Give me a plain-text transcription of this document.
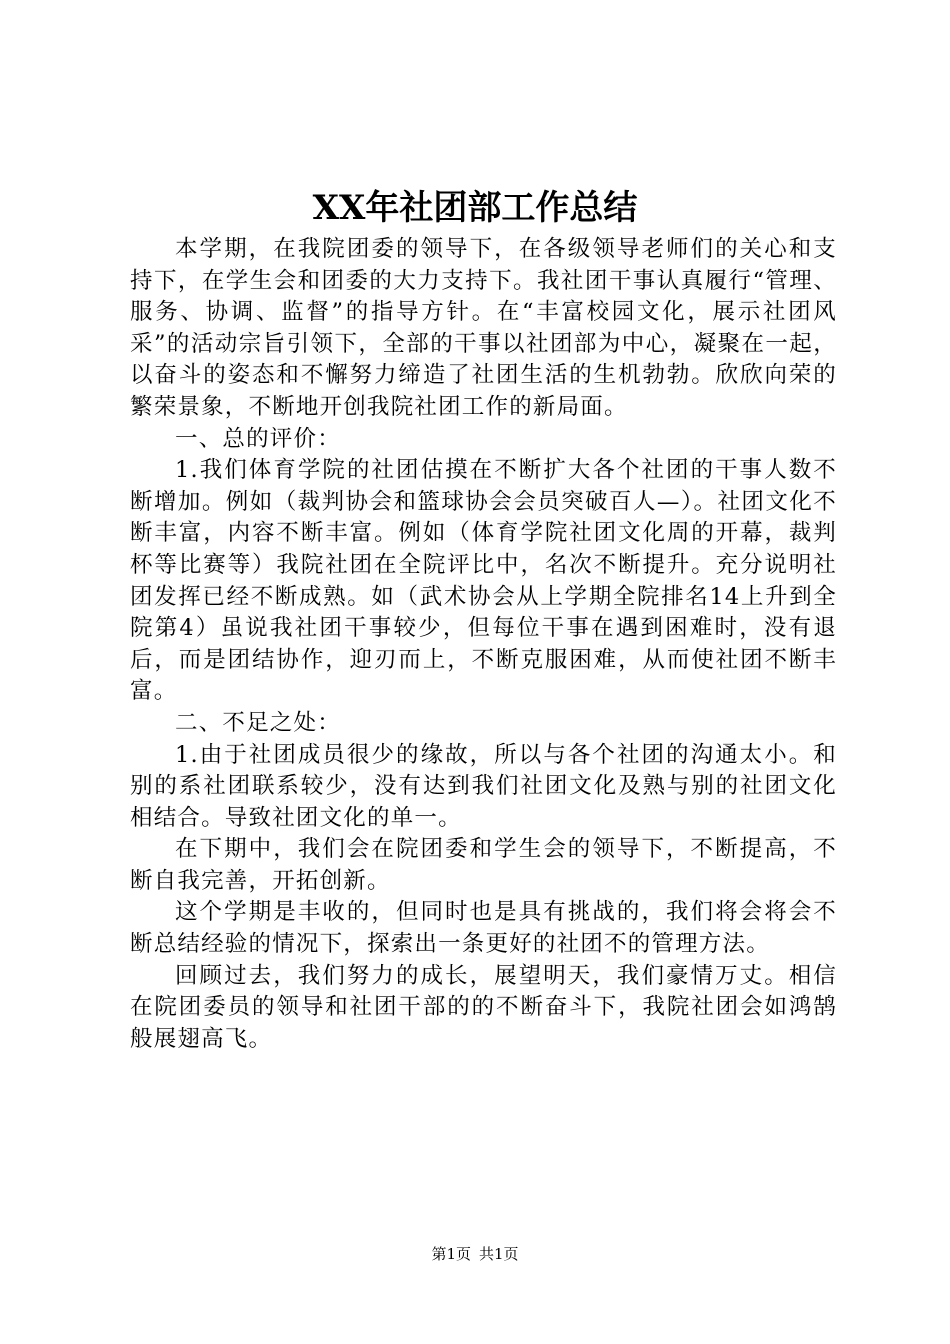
XX年社团部工作总结

本学期，在我院团委的领导下，在各级领导老师们的关心和支持下，在学生会和团委的大力支持下。我社团干事认真履行“管理、服务、协调、监督”的指导方针。在“丰富校园文化，展示社团风采”的活动宗旨引领下，全部的干事以社团部为中心，凝聚在一起，以奋斗的姿态和不懈努力缔造了社团生活的生机勃勃。欣欣向荣的繁荣景象，不断地开创我院社团工作的新局面。

一、总的评价：

1.我们体育学院的社团估摸在不断扩大各个社团的干事人数不断增加。例如（裁判协会和篮球协会会员突破百人—）。社团文化不断丰富，内容不断丰富。例如（体育学院社团文化周的开幕，裁判杯等比赛等）我院社团在全院评比中，名次不断提升。充分说明社团发挥已经不断成熟。如（武术协会从上学期全院排名14上升到全院第4）虽说我社团干事较少，但每位干事在遇到困难时，没有退后，而是团结协作，迎刃而上，不断克服困难，从而使社团不断丰富。

二、不足之处：

1.由于社团成员很少的缘故，所以与各个社团的沟通太小。和别的系社团联系较少，没有达到我们社团文化及熟与别的社团文化相结合。导致社团文化的单一。

在下期中，我们会在院团委和学生会的领导下，不断提高，不断自我完善，开拓创新。

这个学期是丰收的，但同时也是具有挑战的，我们将会将会不断总结经验的情况下，探索出一条更好的社团不的管理方法。

回顾过去，我们努力的成长，展望明天，我们豪情万丈。相信在院团委员的领导和社团干部的的不断奋斗下，我院社团会如鸿鹄般展翅高飞。

第1页 共1页
